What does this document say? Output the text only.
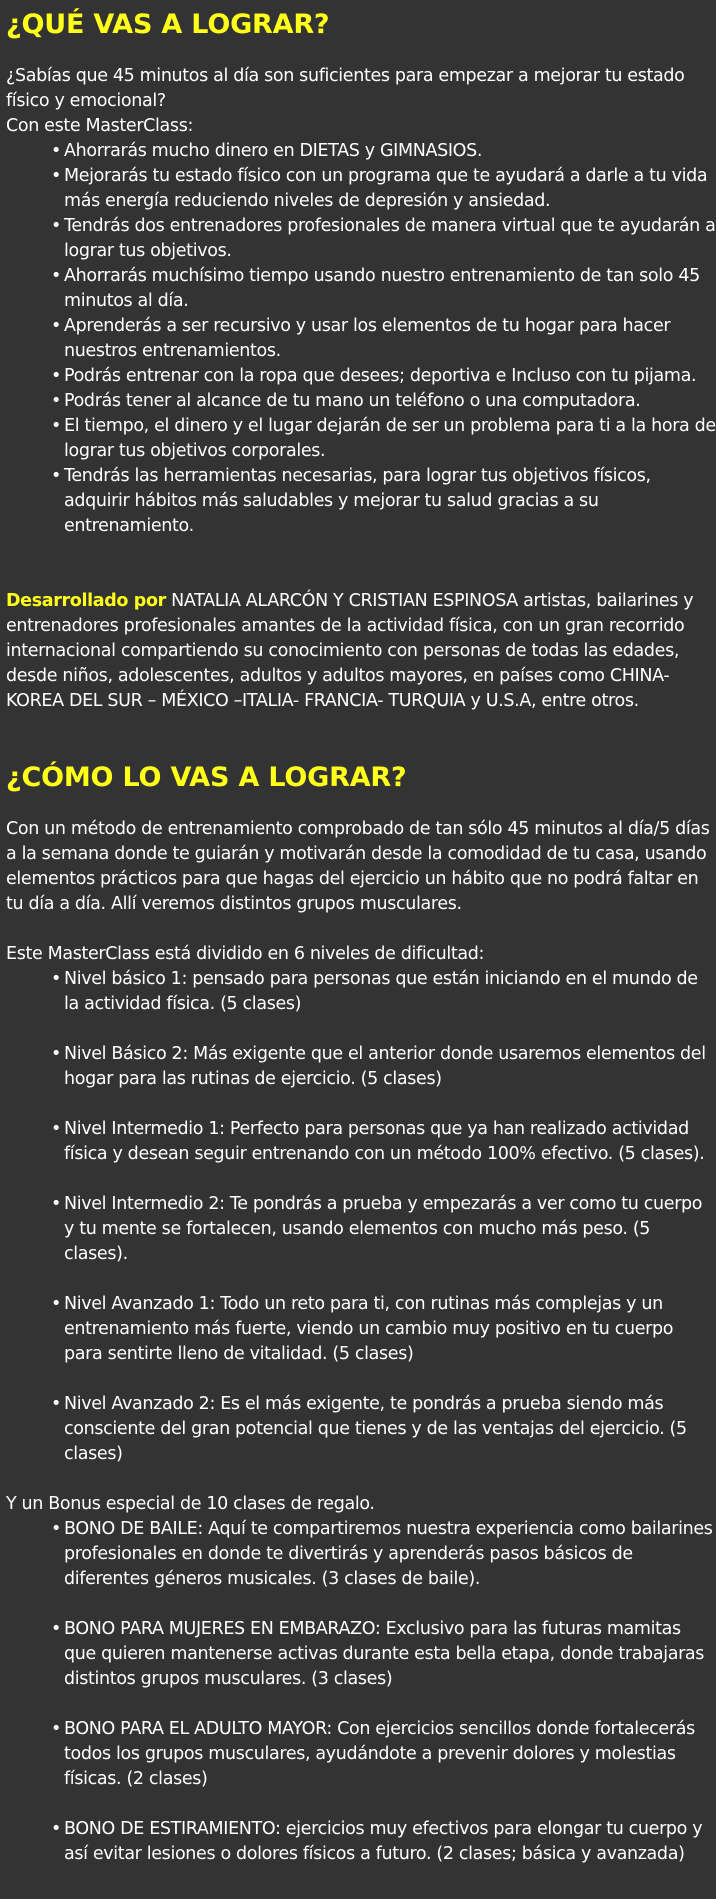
¿QUÉ VAS A LOGRAR?

¿Sabías que 45 minutos al día son suficientes para empezar a mejorar tu estado físico y emocional?

Con este MasterClass:

• Ahorrarás mucho dinero en DIETAS y GIMNASIOS.
• Mejorarás tu estado físico con un programa que te ayudará a darle a tu vida más energía reduciendo niveles de depresión y ansiedad.
• Tendrás dos entrenadores profesionales de manera virtual que te ayudarán a lograr tus objetivos.
• Ahorrarás muchísimo tiempo usando nuestro entrenamiento de tan solo 45 minutos al día.
• Aprenderás a ser recursivo y usar los elementos de tu hogar para hacer nuestros entrenamientos.
• Podrás entrenar con la ropa que desees; deportiva e Incluso con tu pijama.
• Podrás tener al alcance de tu mano un teléfono o una computadora.
• El tiempo, el dinero y el lugar dejarán de ser un problema para ti a la hora de lograr tus objetivos corporales.
• Tendrás las herramientas necesarias, para lograr tus objetivos físicos, adquirir hábitos más saludables y mejorar tu salud gracias a su entrenamiento.

Desarrollado por NATALIA ALARCÓN Y CRISTIAN ESPINOSA artistas, bailarines y entrenadores profesionales amantes de la actividad física, con un gran recorrido internacional compartiendo su conocimiento con personas de todas las edades, desde niños, adolescentes, adultos y adultos mayores, en países como CHINA- KOREA DEL SUR – MÉXICO –ITALIA- FRANCIA- TURQUIA y U.S.A, entre otros.

¿CÓMO LO VAS A LOGRAR?

Con un método de entrenamiento comprobado de tan sólo 45 minutos al día/5 días a la semana donde te guiarán y motivarán desde la comodidad de tu casa, usando elementos prácticos para que hagas del ejercicio un hábito que no podrá faltar en tu día a día. Allí veremos distintos grupos musculares.

Este MasterClass está dividido en 6 niveles de dificultad:

• Nivel básico 1: pensado para personas que están iniciando en el mundo de la actividad física. (5 clases)
• Nivel Básico 2: Más exigente que el anterior donde usaremos elementos del hogar para las rutinas de ejercicio. (5 clases)
• Nivel Intermedio 1: Perfecto para personas que ya han realizado actividad física y desean seguir entrenando con un método 100% efectivo. (5 clases).
• Nivel Intermedio 2: Te pondrás a prueba y empezarás a ver como tu cuerpo y tu mente se fortalecen, usando elementos con mucho más peso. (5 clases).
• Nivel Avanzado 1: Todo un reto para ti, con rutinas más complejas y un entrenamiento más fuerte, viendo un cambio muy positivo en tu cuerpo para sentirte lleno de vitalidad. (5 clases)
• Nivel Avanzado 2: Es el más exigente, te pondrás a prueba siendo más consciente del gran potencial que tienes y de las ventajas del ejercicio. (5 clases)

Y un Bonus especial de 10 clases de regalo.

• BONO DE BAILE: Aquí te compartiremos nuestra experiencia como bailarines profesionales en donde te divertirás y aprenderás pasos básicos de diferentes géneros musicales. (3 clases de baile).
• BONO PARA MUJERES EN EMBARAZO: Exclusivo para las futuras mamitas que quieren mantenerse activas durante esta bella etapa, donde trabajaras distintos grupos musculares. (3 clases)
• BONO PARA EL ADULTO MAYOR: Con ejercicios sencillos donde fortalecerás todos los grupos musculares, ayudándote a prevenir dolores y molestias físicas. (2 clases)
• BONO DE ESTIRAMIENTO: ejercicios muy efectivos para elongar tu cuerpo y así evitar lesiones o dolores físicos a futuro. (2 clases; básica y avanzada)
